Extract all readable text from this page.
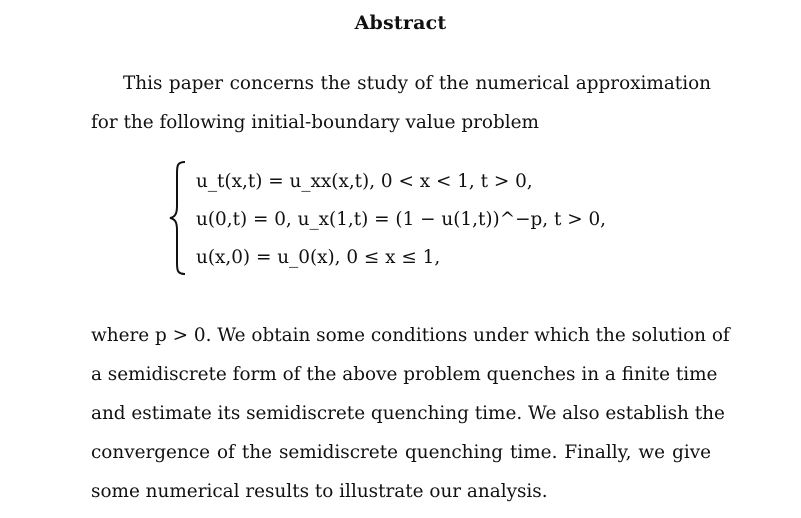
Abstract
This paper concerns the study of the numerical approximation
for the following initial-boundary value problem
u_t(x,t) = u_xx(x,t), 0 < x < 1, t > 0,
u(0,t) = 0, u_x(1,t) = (1 − u(1,t))^−p, t > 0,
u(x,0) = u_0(x), 0 ≤ x ≤ 1,
where p > 0. We obtain some conditions under which the solution of
a semidiscrete form of the above problem quenches in a finite time
and estimate its semidiscrete quenching time. We also establish the
convergence of the semidiscrete quenching time. Finally, we give
some numerical results to illustrate our analysis.
